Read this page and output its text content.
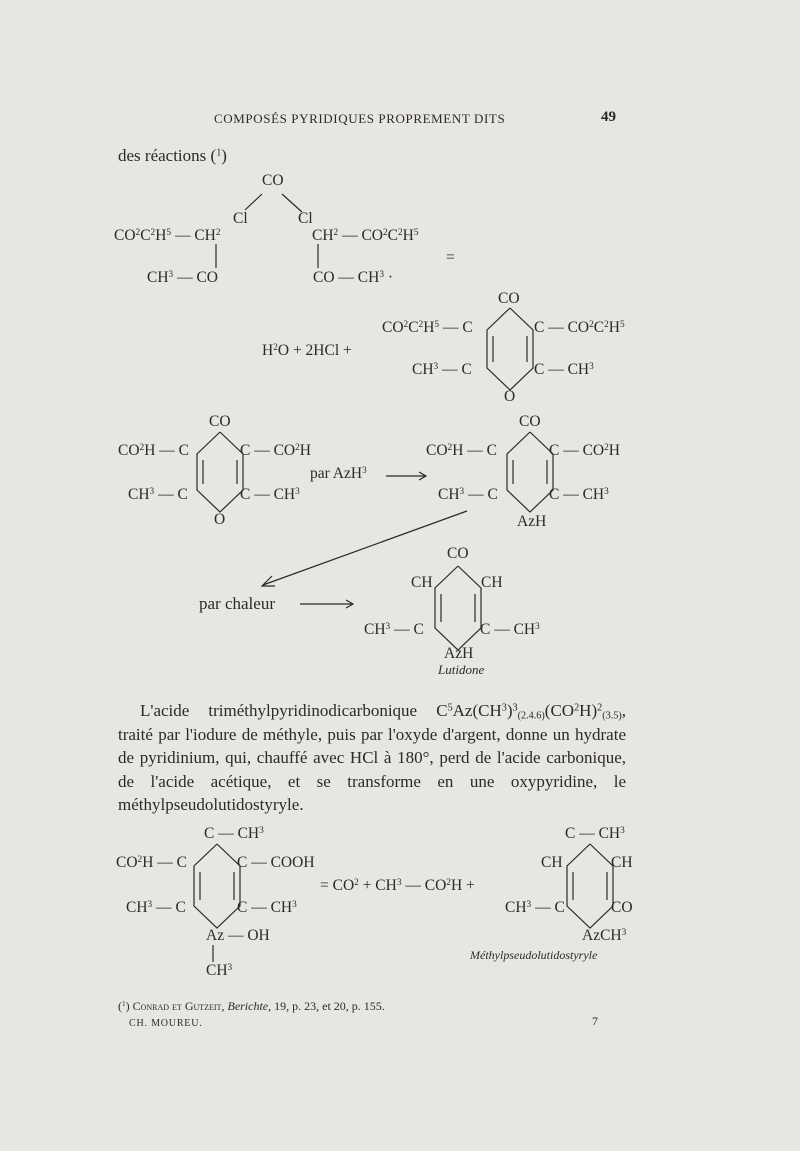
COMPOSÉS PYRIDIQUES PROPREMENT DITS	49
des réactions ($^1$)
CO
Cl	Cl
$CO^2C^2H^5$ — $CH^2$
$CH^3$ — CO
$CH^2$ — $CO^2C^2H^5$
CO — $CH^3$ ·
=
$H^2O + 2HCl$ +
CO
$CO^2C^2H^5$ — C	C — $CO^2C^2H^5$
$CH^3$ — C	C — $CH^3$
O
CO
$CO^2H$ — C	C — $CO^2H$
$CH^3$ — C	C — $CH^3$
O
par AzH$^3$
CO
$CO^2H$ — C	C — $CO^2H$
$CH^3$ — C	C — $CH^3$
AzH
par chaleur
CO
CH	CH
$CH^3$ — C	C — $CH^3$
AzH
Lutidone

L'acide triméthylpyridinodicarbonique $C^5Az(CH^3)^3_{(2.4.6)}(CO^2H)^2_{(3.5)}$, traité par l'iodure de méthyle, puis par l'oxyde d'argent, donne un hydrate de pyridinium, qui, chauffé avec HCl à 180°, perd de l'acide carbonique, de l'acide acétique, et se transforme en une oxypyridine, le méthylpseudolutidostyryle.

C — $CH^3$
$CO^2H$ — C	C — COOH
$CH^3$ — C	C — $CH^3$
Az — OH
$CH^3$
= $CO^2 + CH^3$ — $CO^2H$ +
C — $CH^3$
CH	CH
$CH^3$ — C	CO
AzCH$^3$
Méthylpseudolutidostyryle
($^1$) Conrad et Gutzeit, Berichte, 19, p. 23, et 20, p. 155.
CH. MOUREU.	7
